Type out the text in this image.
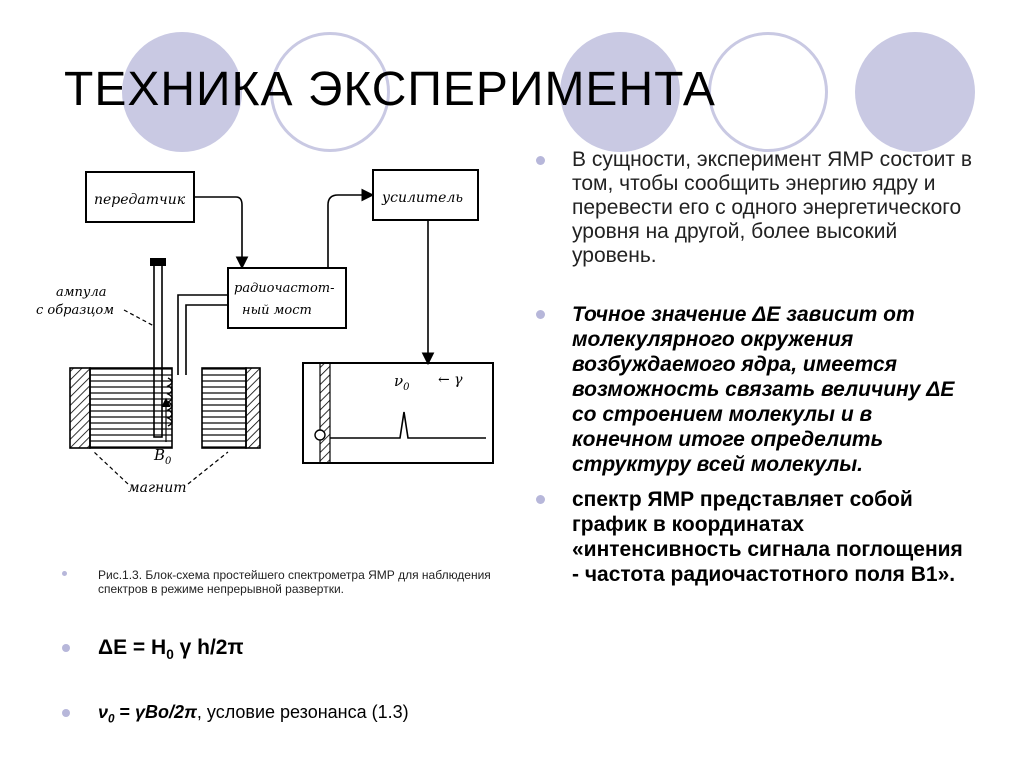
ТЕХНИКА ЭКСПЕРИМЕНТА
передатчик	усилитель
радиочастот-
ный мост
ампула
с образцом
$B_0$
магнит
$\nu_0$ ← γ
В сущности, эксперимент ЯМР состоит в том, чтобы сообщить энергию ядру и перевести его с одного энергетического уровня на другой, более высокий уровень.
Точное значение ΔЕ зависит от молекулярного окружения возбуждаемого ядра, имеется возможность связать величину ΔЕ со строением молекулы и в конечном итоге определить структуру всей молекулы.
спектр ЯМР представляет собой график в координатах «интенсивность сигнала поглощения - частота радиочастотного поля В1».
Рис.1.3. Блок-схема простейшего спектрометра ЯМР для наблюдения спектров в режиме непрерывной развертки.
$\Delta E = H_0$ γ h/2π
$\nu_0 = \gamma Bo/2\pi$, условие резонанса (1.3)
